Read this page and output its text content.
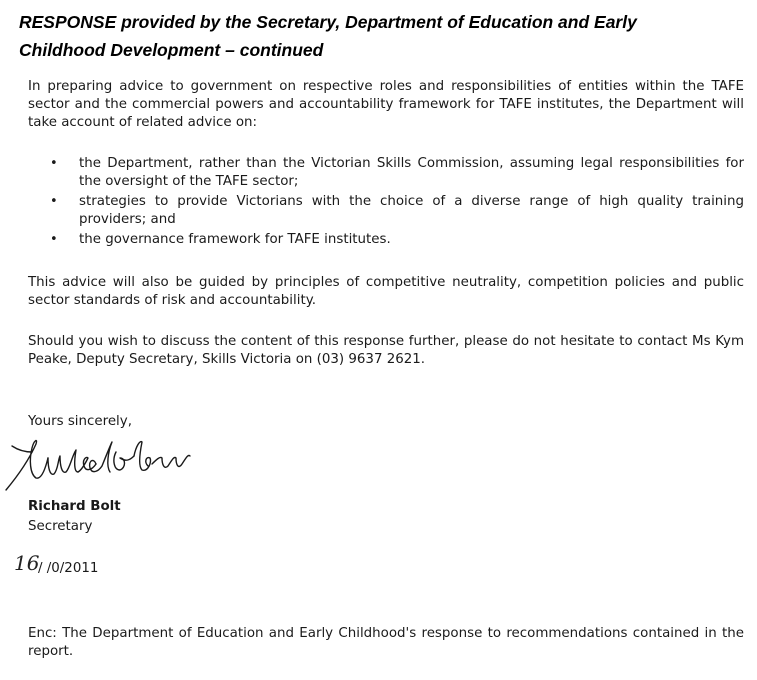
RESPONSE provided by the Secretary, Department of Education and Early
Childhood Development – continued

In preparing advice to government on respective roles and responsibilities of entities within the TAFE sector and the commercial powers and accountability framework for TAFE institutes, the Department will take account of related advice on:

• the Department, rather than the Victorian Skills Commission, assuming legal responsibilities for the oversight of the TAFE sector;
• strategies to provide Victorians with the choice of a diverse range of high quality training providers; and
• the governance framework for TAFE institutes.

This advice will also be guided by principles of competitive neutrality, competition policies and public sector standards of risk and accountability.

Should you wish to discuss the content of this response further, please do not hesitate to contact Ms Kym Peake, Deputy Secretary, Skills Victoria on (03) 9637 2621.

Yours sincerely,
Richard Bolt
Secretary
16
/ /0/2011

Enc: The Department of Education and Early Childhood's response to recommendations contained in the report.
